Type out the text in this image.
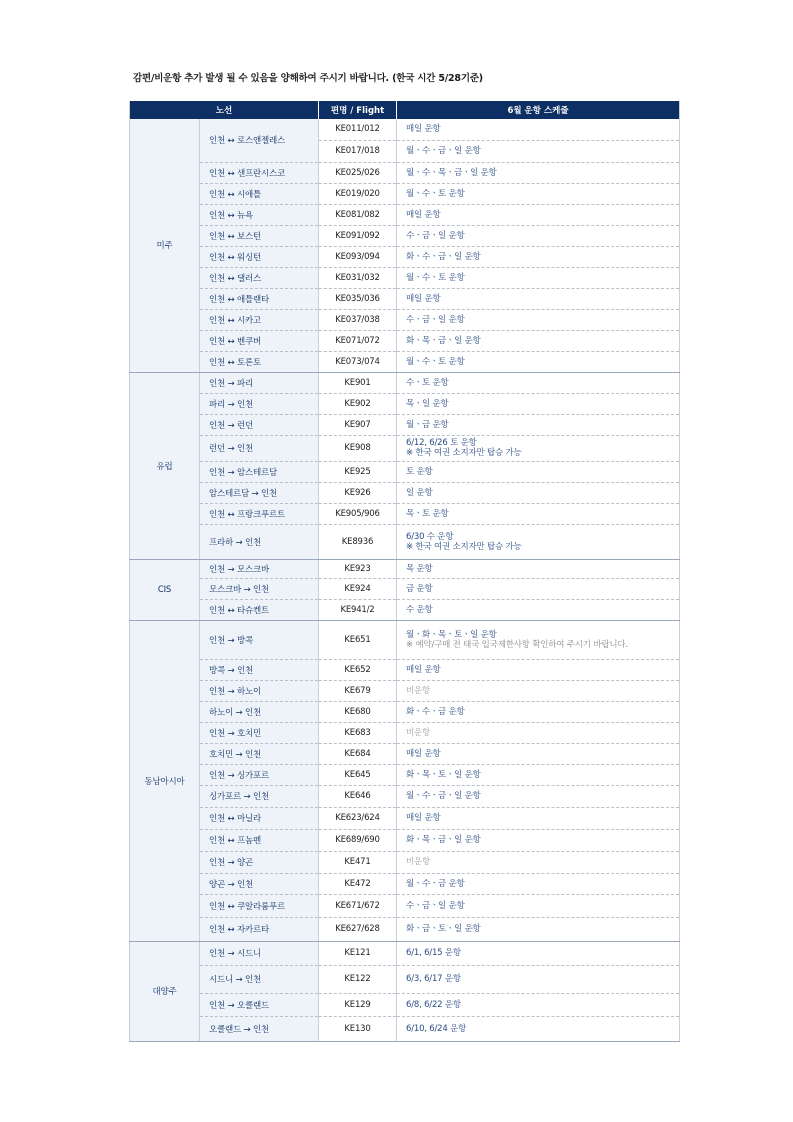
감편/비운항 추가 발생 될 수 있음을 양해하여 주시기 바랍니다. (한국 시간 5/28기준)
노선		편명 / Flight	6월 운항 스케줄
미주	인천 ↔ 로스앤젤레스	KE011/012	매일 운항

		KE017/018	월ㆍ수ㆍ금ㆍ일 운항

	인천 ↔ 샌프란시스코	KE025/026	월ㆍ수ㆍ목ㆍ금ㆍ일 운항

	인천 ↔ 시애틀	KE019/020	월ㆍ수ㆍ토 운항

	인천 ↔ 뉴욕	KE081/082	매일 운항

	인천 ↔ 보스턴	KE091/092	수ㆍ금ㆍ일 운항

	인천 ↔ 워싱턴	KE093/094	화ㆍ수ㆍ금ㆍ일 운항

	인천 ↔ 댈러스	KE031/032	월ㆍ수ㆍ토 운항

	인천 ↔ 애틀랜타	KE035/036	매일 운항

	인천 ↔ 시카고	KE037/038	수ㆍ금ㆍ일 운항

	인천 ↔ 벤쿠버	KE071/072	화ㆍ목ㆍ금ㆍ일 운항

	인천 ↔ 토론토	KE073/074	월ㆍ수ㆍ토 운항

유럽	인천 → 파리	KE901	수ㆍ토 운항

	파리 → 인천	KE902	목ㆍ일 운항

	인천 → 런던	KE907	월ㆍ금 운항

	런던 → 인천	KE908	6/12, 6/26 토 운항
※ 한국 여권 소지자만 탑승 가능

	인천 → 암스테르담	KE925	토 운항

	암스테르담 → 인천	KE926	일 운항

	인천 ↔ 프랑크푸르트	KE905/906	목ㆍ토 운항

	프라하 → 인천	KE8936	6/30 수 운항
※ 한국 여권 소지자만 탑승 가능

CIS	인천 → 모스크바	KE923	목 운항

	모스크바 → 인천	KE924	금 운항

	인천 ↔ 타슈켄트	KE941/2	수 운항

동남아시아	인천 → 방콕	KE651	월ㆍ화ㆍ목ㆍ토ㆍ일 운항
※ 예약/구매 전 태국 입국제한사항 확인하여 주시기 바랍니다.

	방콕 → 인천	KE652	매일 운항

	인천 → 하노이	KE679	비운항

	하노이 → 인천	KE680	화ㆍ수ㆍ금 운항

	인천 → 호치민	KE683	비운항

	호치민 → 인천	KE684	매일 운항

	인천 → 싱가포르	KE645	화ㆍ목ㆍ토ㆍ일 운항

	싱가포르 → 인천	KE646	월ㆍ수ㆍ금ㆍ일 운항

	인천 ↔ 마닐라	KE623/624	매일 운항

	인천 ↔ 프놈펜	KE689/690	화ㆍ목ㆍ금ㆍ일 운항

	인천 → 양곤	KE471	비운항

	양곤 → 인천	KE472	월ㆍ수ㆍ금 운항

	인천 ↔ 쿠알라룸푸르	KE671/672	수ㆍ금ㆍ일 운항

	인천 ↔ 자카르타	KE627/628	화ㆍ금ㆍ토ㆍ일 운항

대양주	인천 → 시드니	KE121	6/1, 6/15 운항

	시드니 → 인천	KE122	6/3, 6/17 운항

	인천 → 오클랜드	KE129	6/8, 6/22 운항

	오클랜드 → 인천	KE130	6/10, 6/24 운항
